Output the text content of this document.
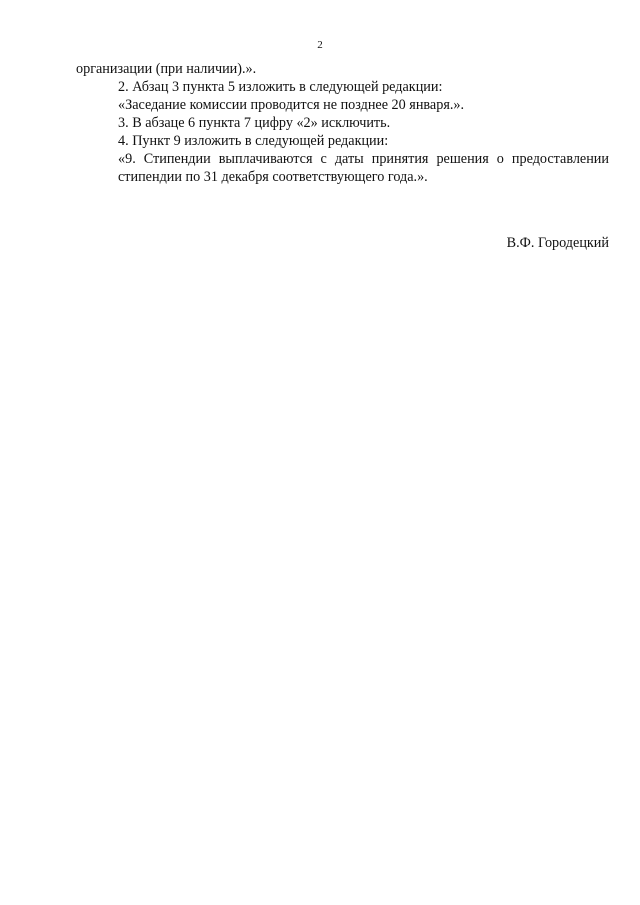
2
организации (при наличии).».
2. Абзац 3 пункта 5 изложить в следующей редакции:
«Заседание комиссии проводится не позднее 20 января.».
3. В абзаце 6 пункта 7 цифру «2» исключить.
4. Пункт 9 изложить в следующей редакции:
«9. Стипендии выплачиваются с даты принятия решения о предоставлении стипендии по 31 декабря соответствующего года.».
В.Ф. Городецкий
